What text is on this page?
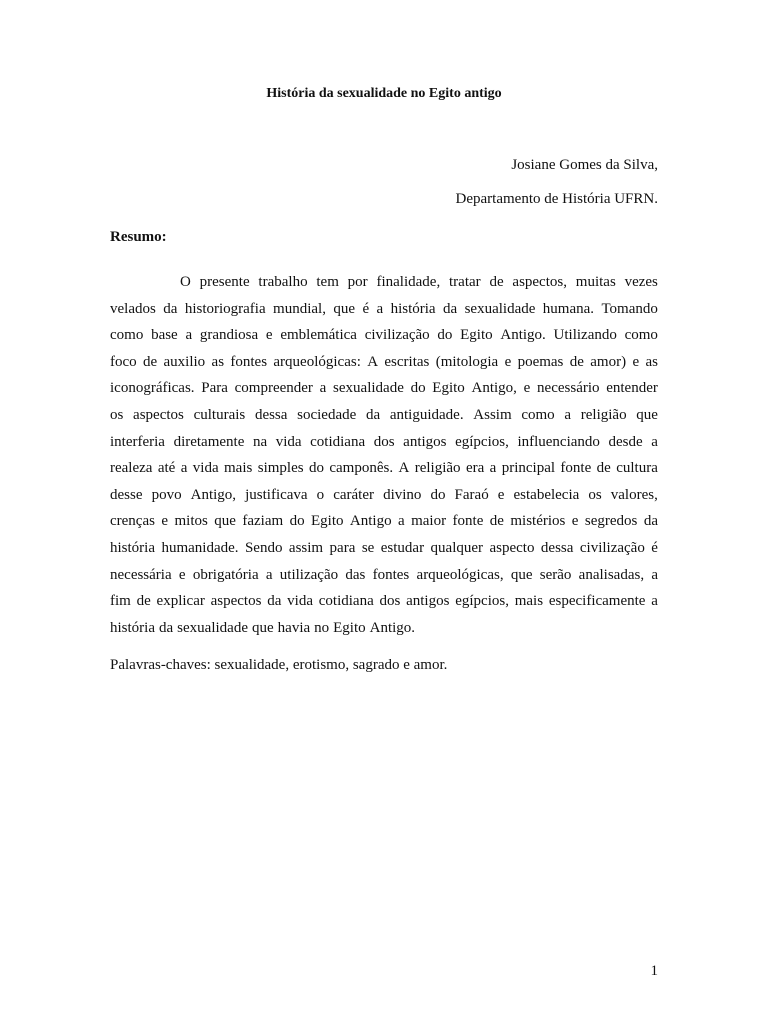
História da sexualidade no Egito antigo

Josiane Gomes da Silva,

Departamento de História UFRN.

Resumo:

O presente trabalho tem por finalidade, tratar de aspectos, muitas vezes
velados da historiografia mundial, que é a história da sexualidade humana. Tomando
como base a grandiosa e emblemática civilização do Egito Antigo. Utilizando como
foco de auxilio as fontes arqueológicas: A escritas (mitologia e poemas de amor) e as
iconográficas. Para compreender a sexualidade do Egito Antigo, e necessário entender
os aspectos culturais dessa sociedade da antiguidade. Assim como a religião que
interferia diretamente na vida cotidiana dos antigos egípcios, influenciando desde a
realeza até a vida mais simples do camponês. A religião era a principal fonte de cultura
desse povo Antigo, justificava o caráter divino do Faraó e estabelecia os valores,
crenças e mitos que faziam do Egito Antigo a maior fonte de mistérios e segredos da
história humanidade. Sendo assim para se estudar qualquer aspecto dessa civilização é
necessária e obrigatória a utilização das fontes arqueológicas, que serão analisadas, a
fim de explicar aspectos da vida cotidiana dos antigos egípcios, mais especificamente a
história da sexualidade que havia no Egito Antigo.

Palavras-chaves: sexualidade, erotismo, sagrado e amor.

1
